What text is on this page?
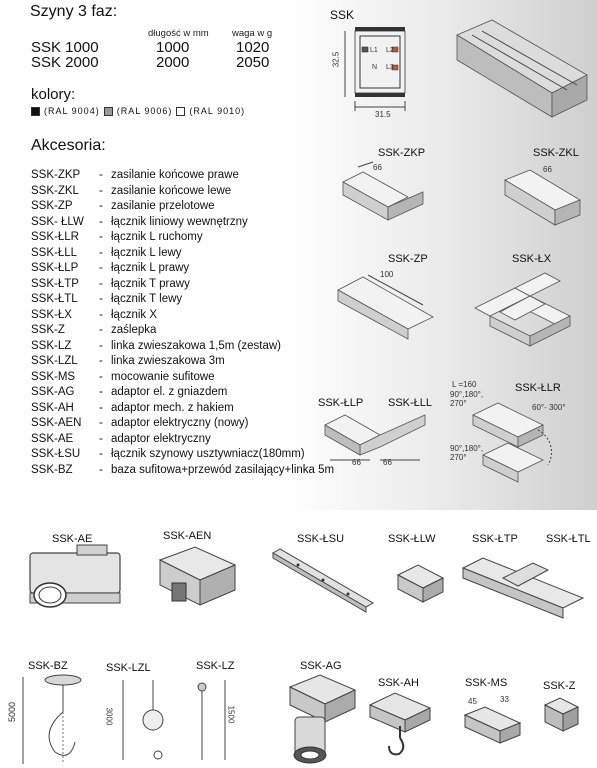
Szyny 3 faz:
długość w mm waga w g
SSK 1000	1000	1020
SSK 2000	2000	2050
kolory:
(RAL 9004) (RAL 9006) (RAL 9010)
Akcesoria:
SSK-ZKP	- zasilanie końcowe prawe
SSK-ZKL	- zasilanie końcowe lewe
SSK-ZP	- zasilanie przelotowe
SSK- ŁLW	- łącznik liniowy wewnętrzny
SSK-ŁLR	- łącznik L ruchomy
SSK-ŁLL	- łącznik L lewy
SSK-ŁLP	- łącznik L prawy
SSK-ŁTP	- łącznik T prawy
SSK-ŁTL	- łącznik T lewy
SSK-ŁX	- łącznik X
SSK-Z	- zaślepka
SSK-LZ	- linka zwieszakowa 1,5m (zestaw)
SSK-LZL	- linka zwieszakowa 3m
SSK-MS	- mocowanie sufitowe
SSK-AG	- adaptor el. z gniazdem
SSK-AH	- adaptor mech. z hakiem
SSK-AEN	- adaptor elektryczny (nowy)
SSK-AE	- adaptor elektryczny
SSK-ŁSU	- łącznik szynowy usztywniacz(180mm)
SSK-BZ	- baza sufitowa+przewód zasilający+linka 5m
SSK
32.5
31.5
L1 L2
N L3
SSK-ZKP
66
SSK-ZKL
66
SSK-ZP
100
SSK-ŁX
SSK-ŁLP SSK-ŁLL
66	66
SSK-ŁLR
L =160
90°,180°,
270°
90°,180°,
270°
60°- 300°
SSK-AE	SSK-AEN	SSK-ŁSU	SSK-ŁLW	SSK-ŁTP	SSK-ŁTL
SSK-BZ
5000
SSK-LZL
3000
SSK-LZ
1500
SSK-AG
SSK-AH	SSK-MS
45	33
SSK-Z
